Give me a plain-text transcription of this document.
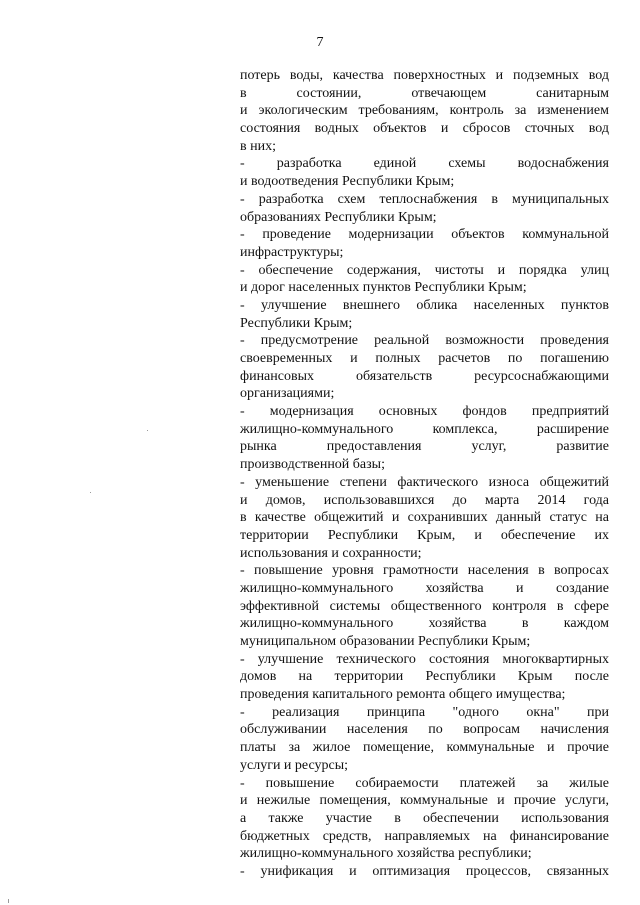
7
потерь воды, качества поверхностных и подземных вод
в состоянии, отвечающем санитарным
и экологическим требованиям, контроль за изменением
состояния водных объектов и сбросов сточных вод
в них;
- разработка единой схемы водоснабжения
и водоотведения Республики Крым;
- разработка схем теплоснабжения в муниципальных
образованиях Республики Крым;
- проведение модернизации объектов коммунальной
инфраструктуры;
- обеспечение содержания, чистоты и порядка улиц
и дорог населенных пунктов Республики Крым;
- улучшение внешнего облика населенных пунктов
Республики Крым;
- предусмотрение реальной возможности проведения
своевременных и полных расчетов по погашению
финансовых обязательств ресурсоснабжающими
организациями;
- модернизация основных фондов предприятий
жилищно-коммунального комплекса, расширение
рынка предоставления услуг, развитие
производственной базы;
- уменьшение степени фактического износа общежитий
и домов, использовавшихся до марта 2014 года
в качестве общежитий и сохранивших данный статус на
территории Республики Крым, и обеспечение их
использования и сохранности;
- повышение уровня грамотности населения в вопросах
жилищно-коммунального хозяйства и создание
эффективной системы общественного контроля в сфере
жилищно-коммунального хозяйства в каждом
муниципальном образовании Республики Крым;
- улучшение технического состояния многоквартирных
домов на территории Республики Крым после
проведения капитального ремонта общего имущества;
- реализация принципа "одного окна" при
обслуживании населения по вопросам начисления
платы за жилое помещение, коммунальные и прочие
услуги и ресурсы;
- повышение собираемости платежей за жилые
и нежилые помещения, коммунальные и прочие услуги,
а также участие в обеспечении использования
бюджетных средств, направляемых на финансирование
жилищно-коммунального хозяйства республики;
- унификация и оптимизация процессов, связанных
